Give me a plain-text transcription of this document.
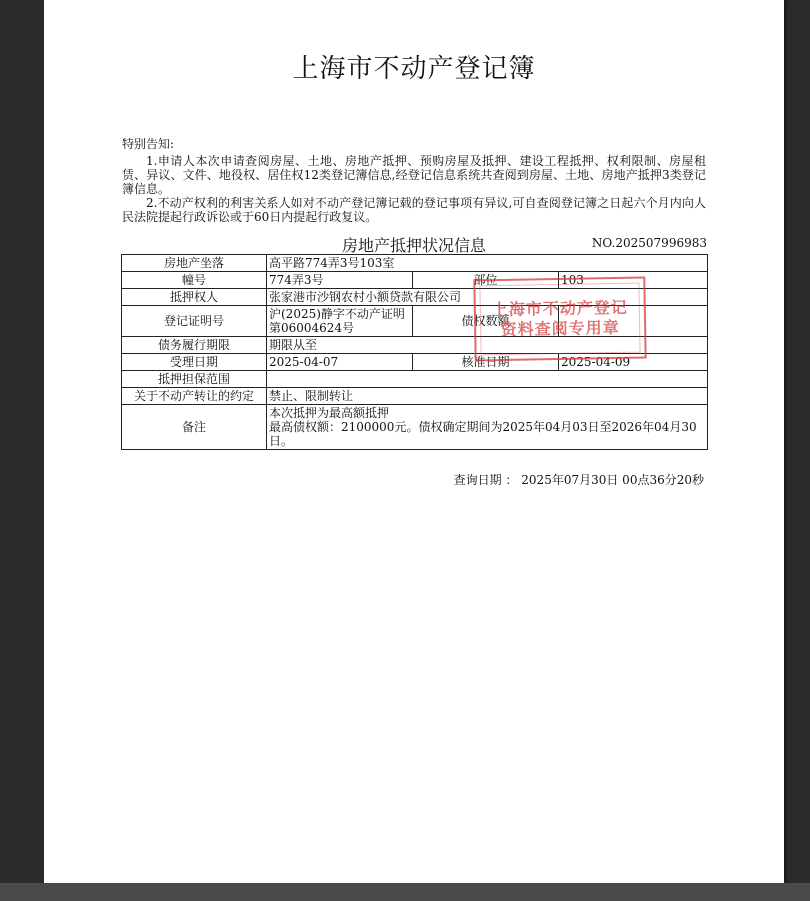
上海市不动产登记簿

特别告知:

1.申请人本次申请查阅房屋、土地、房地产抵押、预购房屋及抵押、建设工程抵押、权利限制、房屋租赁、异议、文件、地役权、居住权12类登记簿信息,经登记信息系统共查阅到房屋、土地、房地产抵押3类登记簿信息。

2.不动产权利的利害关系人如对不动产登记簿记载的登记事项有异议,可自查阅登记簿之日起六个月内向人民法院提起行政诉讼或于60日内提起行政复议。

房地产抵押状况信息	NO.202507996983
房地产坐落	高平路774弄3号103室		
幢号	774弄3号	部位	103
抵押权人	张家港市沙钢农村小额贷款有限公司		
登记证明号	沪(2025)静字不动产证明第06004624号	债权数额	
债务履行期限	期限从至		
受理日期	2025-04-07	核准日期	2025-04-09
抵押担保范围			
关于不动产转让的约定	禁止、限制转让		
备注	本次抵押为最高额抵押
最高债权额：2100000元。债权确定期间为2025年04月03日至2026年04月30日。		
上海市不动产登记
资料查阅专用章
查询日期 ： 2025年07月30日 00点36分20秒
